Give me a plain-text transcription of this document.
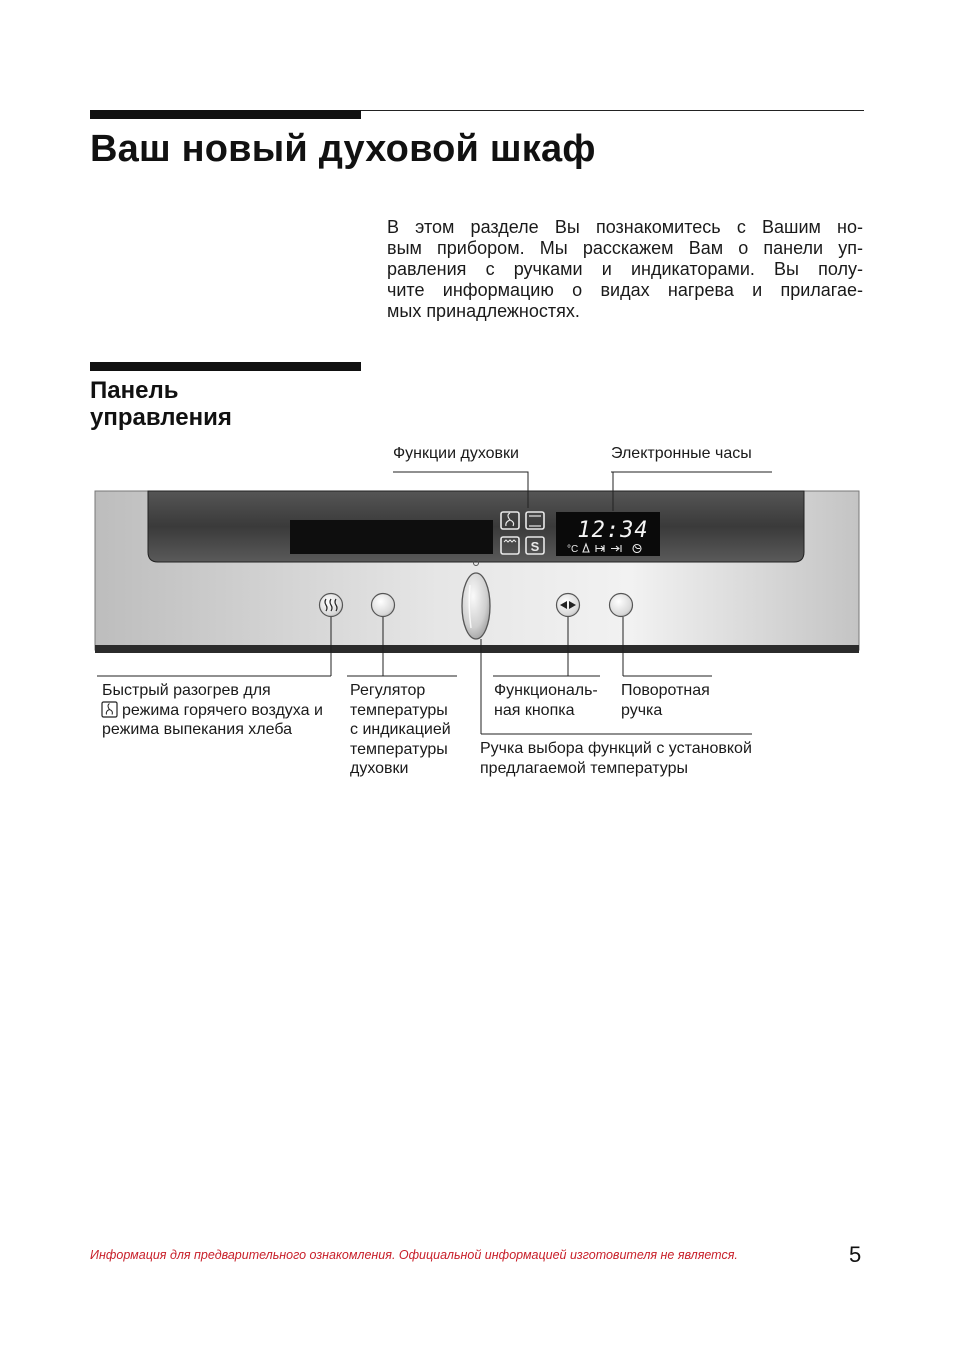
Ваш новый духовой шкаф
В этом разделе Вы познакомитесь с Вашим но-
вым прибором. Мы расскажем Вам о панели уп-
равления с ручками и индикаторами. Вы полу-
чите информацию о видах нагрева и прилагае-
мых принадлежностях.
Панель
управления
S
12:34
°C
Функции духовки	Электронные часы
Быстрый разогрев для
режима горячего воздуха и
режима выпекания хлеба
Регулятор
температуры
с индикацией
температуры
духовки
Функциональ-
ная кнопка
Поворотная
ручка
Ручка выбора функций с установкой
предлагаемой температуры
Информация для предварительного ознакомления. Официальной информацией изготовителя не является.	5
